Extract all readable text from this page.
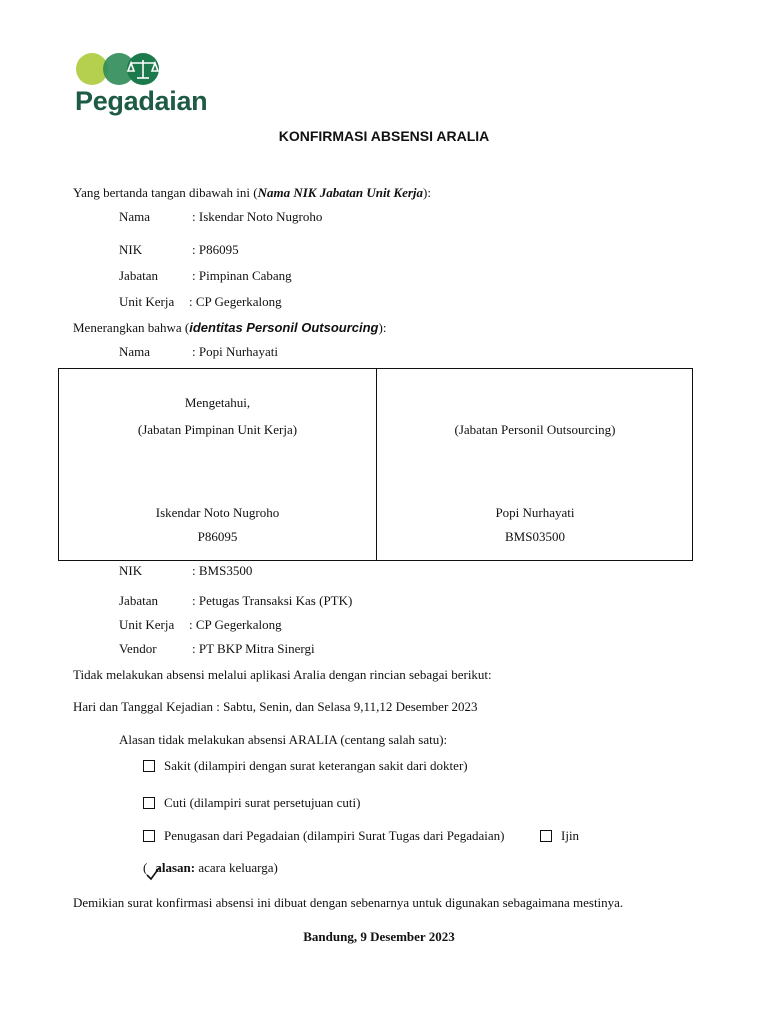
Pegadaian
KONFIRMASI ABSENSI ARALIA
Yang bertanda tangan dibawah ini (Nama NIK Jabatan Unit Kerja):
Nama	: Iskendar Noto Nugroho
NIK	: P86095
Jabatan	: Pimpinan Cabang
Unit Kerja : CP Gegerkalong
Menerangkan bahwa (identitas Personil Outsourcing):
Nama	: Popi Nurhayati
Mengetahui,
(Jabatan Pimpinan Unit Kerja)
Iskendar Noto Nugroho
P86095
(Jabatan Personil Outsourcing)
Popi Nurhayati
BMS03500
NIK	: BMS3500
Jabatan	: Petugas Transaksi Kas (PTK)
Unit Kerja : CP Gegerkalong
Vendor	: PT BKP Mitra Sinergi
Tidak melakukan absensi melalui aplikasi Aralia dengan rincian sebagai berikut:
Hari dan Tanggal Kejadian : Sabtu, Senin, dan Selasa 9,11,12 Desember 2023
Alasan tidak melakukan absensi ARALIA (centang salah satu):
Sakit (dilampiri dengan surat keterangan sakit dari dokter)
Cuti (dilampiri surat persetujuan cuti)
Penugasan dari Pegadaian (dilampiri Surat Tugas dari Pegadaian)	Ijin
( alasan: acara keluarga)
Demikian surat konfirmasi absensi ini dibuat dengan sebenarnya untuk digunakan sebagaimana mestinya.
Bandung, 9 Desember 2023
